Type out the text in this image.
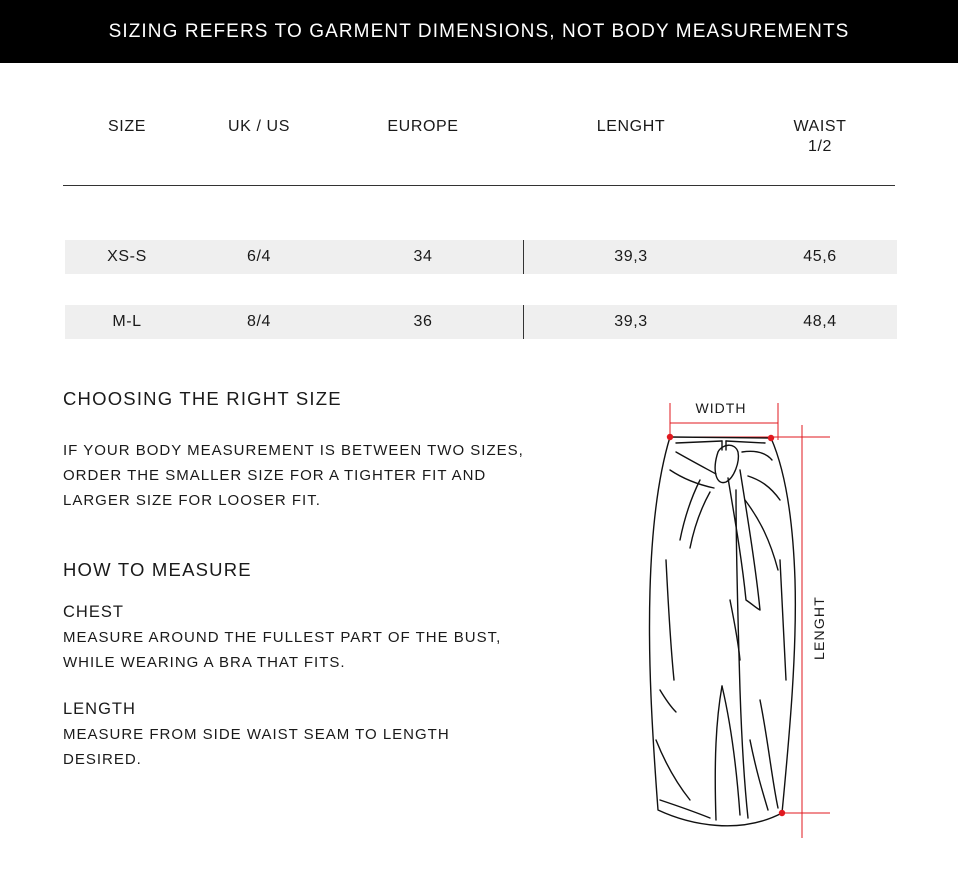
SIZING REFERS TO GARMENT DIMENSIONS, NOT BODY MEASUREMENTS
SIZE	UK / US	EUROPE	LENGHT	WAIST
1/2
XS-S	6/4	34	39,3	45,6
M-L	8/4	36	39,3	48,4
CHOOSING THE RIGHT SIZE
IF YOUR BODY MEASUREMENT IS BETWEEN TWO SIZES,
ORDER THE SMALLER SIZE FOR A TIGHTER FIT AND
LARGER SIZE FOR LOOSER FIT.
HOW TO MEASURE
CHEST
MEASURE AROUND THE FULLEST PART OF THE BUST,
WHILE WEARING A BRA THAT FITS.
LENGTH
MEASURE FROM SIDE WAIST SEAM TO LENGTH
DESIRED.
WIDTH
LENGHT
